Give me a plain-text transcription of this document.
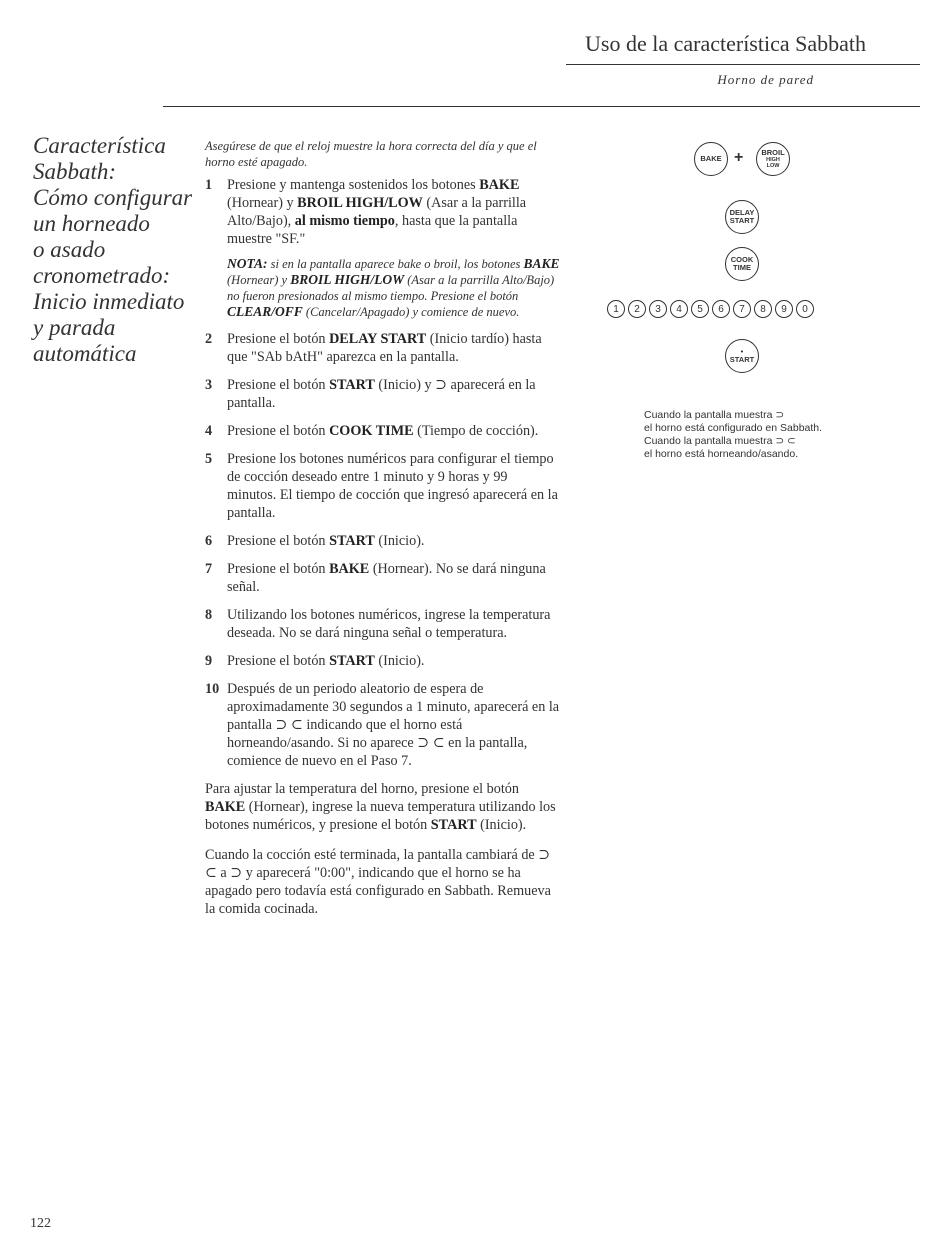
Uso de la característica Sabbath
Horno de pared
Característica
Sabbath:
Cómo configurar
un horneado
o asado
cronometrado:
Inicio inmediato
y parada
automática

Asegúrese de que el reloj muestre la hora correcta del día y que el horno esté apagado.

1 Presione y mantenga sostenidos los botones BAKE (Hornear) y BROIL HIGH/LOW (Asar a la parrilla Alto/Bajo), al mismo tiempo, hasta que la pantalla muestre "SF."

NOTA: si en la pantalla aparece bake o broil, los botones BAKE (Hornear) y BROIL HIGH/LOW (Asar a la parrilla Alto/Bajo) no fueron presionados al mismo tiempo. Presione el botón CLEAR/OFF (Cancelar/Apagado) y comience de nuevo.

2 Presione el botón DELAY START (Inicio tardío) hasta que "SAb bAtH" aparezca en la pantalla.
3 Presione el botón START (Inicio) y ⊃ aparecerá en la pantalla.
4 Presione el botón COOK TIME (Tiempo de cocción).
5 Presione los botones numéricos para configurar el tiempo de cocción deseado entre 1 minuto y 9 horas y 99 minutos. El tiempo de cocción que ingresó aparecerá en la pantalla.
6 Presione el botón START (Inicio).
7 Presione el botón BAKE (Hornear). No se dará ninguna señal.
8 Utilizando los botones numéricos, ingrese la temperatura deseada. No se dará ninguna señal o temperatura.
9 Presione el botón START (Inicio).
10 Después de un periodo aleatorio de espera de aproximadamente 30 segundos a 1 minuto, aparecerá en la pantalla ⊃ ⊂ indicando que el horno está horneando/asando. Si no aparece ⊃ ⊂ en la pantalla, comience de nuevo en el Paso 7.

Para ajustar la temperatura del horno, presione el botón BAKE (Hornear), ingrese la nueva temperatura utilizando los botones numéricos, y presione el botón START (Inicio).

Cuando la cocción esté terminada, la pantalla cambiará de ⊃ ⊂ a ⊃ y aparecerá "0:00", indicando que el horno se ha apagado pero todavía está configurado en Sabbath. Remueva la comida cocinada.

BAKE + BROIL
HIGH
LOW
DELAY
START
COOK
TIME
1	2	3	4	5	6	7	8	9	0
•
START
Cuando la pantalla muestra ⊃
el horno está configurado en Sabbath.
Cuando la pantalla muestra ⊃ ⊂
el horno está horneando/asando.
122
